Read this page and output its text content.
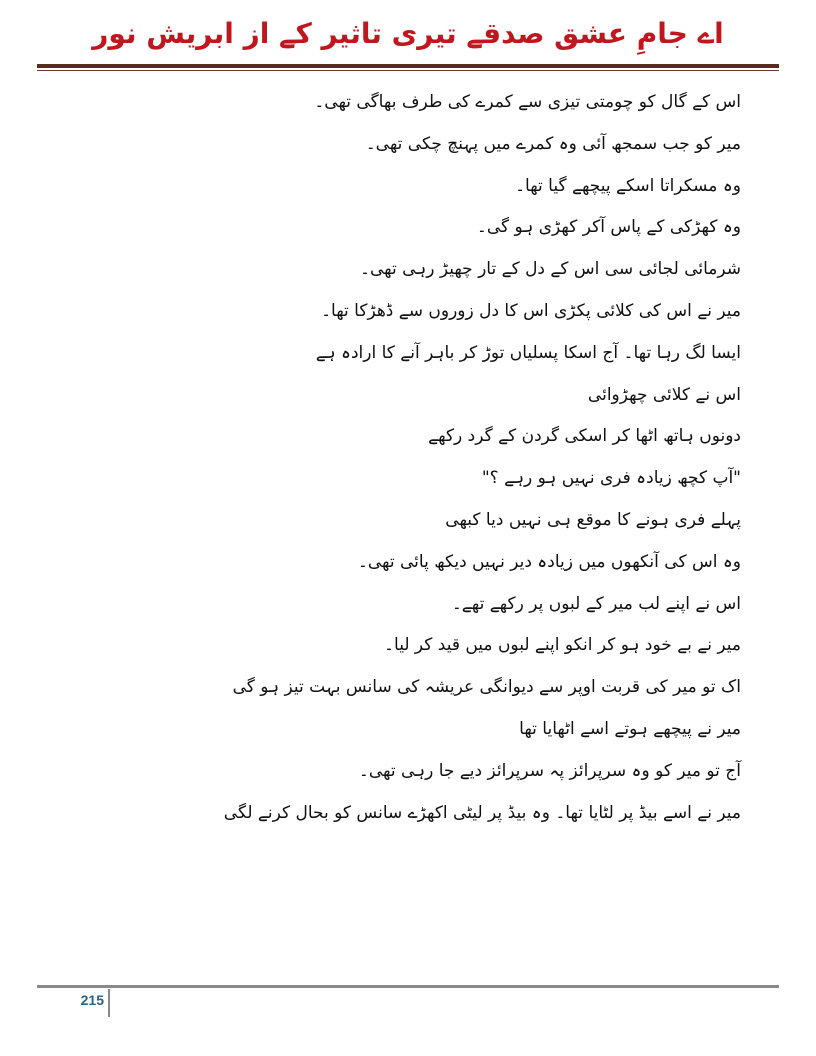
اے جامِ عشق صدقے تیری تاثیر کے از ابریش نور
اس کے گال کو چومتی تیزی سے کمرے کی طرف بھاگی تھی۔
میر کو جب سمجھ آئی وہ کمرے میں پہنچ چکی تھی۔
وہ مسکراتا اسکے پیچھے گیا تھا۔
وہ کھڑکی کے پاس آکر کھڑی ہو گی۔
شرمائی لجائی سی اس کے دل کے تار چھیڑ رہی تھی۔
میر نے اس کی کلائی پکڑی اس کا دل زوروں سے ڈھڑکا تھا۔
ایسا لگ رہا تھا۔ آج اسکا پسلیاں توڑ کر باہر آنے کا ارادہ ہے
اس نے کلائی چھڑوائی
دونوں ہاتھ اٹھا کر اسکی گردن کے گرد رکھے
"آپ کچھ زیادہ فری نہیں ہو رہے ؟"
پہلے فری ہونے کا موقع ہی نہیں دیا کبھی
وہ اس کی آنکھوں میں زیادہ دیر نہیں دیکھ پائی تھی۔
اس نے اپنے لب میر کے لبوں پر رکھے تھے۔
میر نے بے خود ہو کر انکو اپنے لبوں میں قید کر لیا۔
اک تو میر کی قربت اوپر سے دیوانگی عریشہ کی سانس بہت تیز ہو گی
میر نے پیچھے ہوتے اسے اٹھایا تھا
آج تو میر کو وہ سرپرائز پہ سرپرائز دیے جا رہی تھی۔
میر نے اسے بیڈ پر لٹایا تھا۔ وہ بیڈ پر لیٹی اکھڑے سانس کو بحال کرنے لگی
215
